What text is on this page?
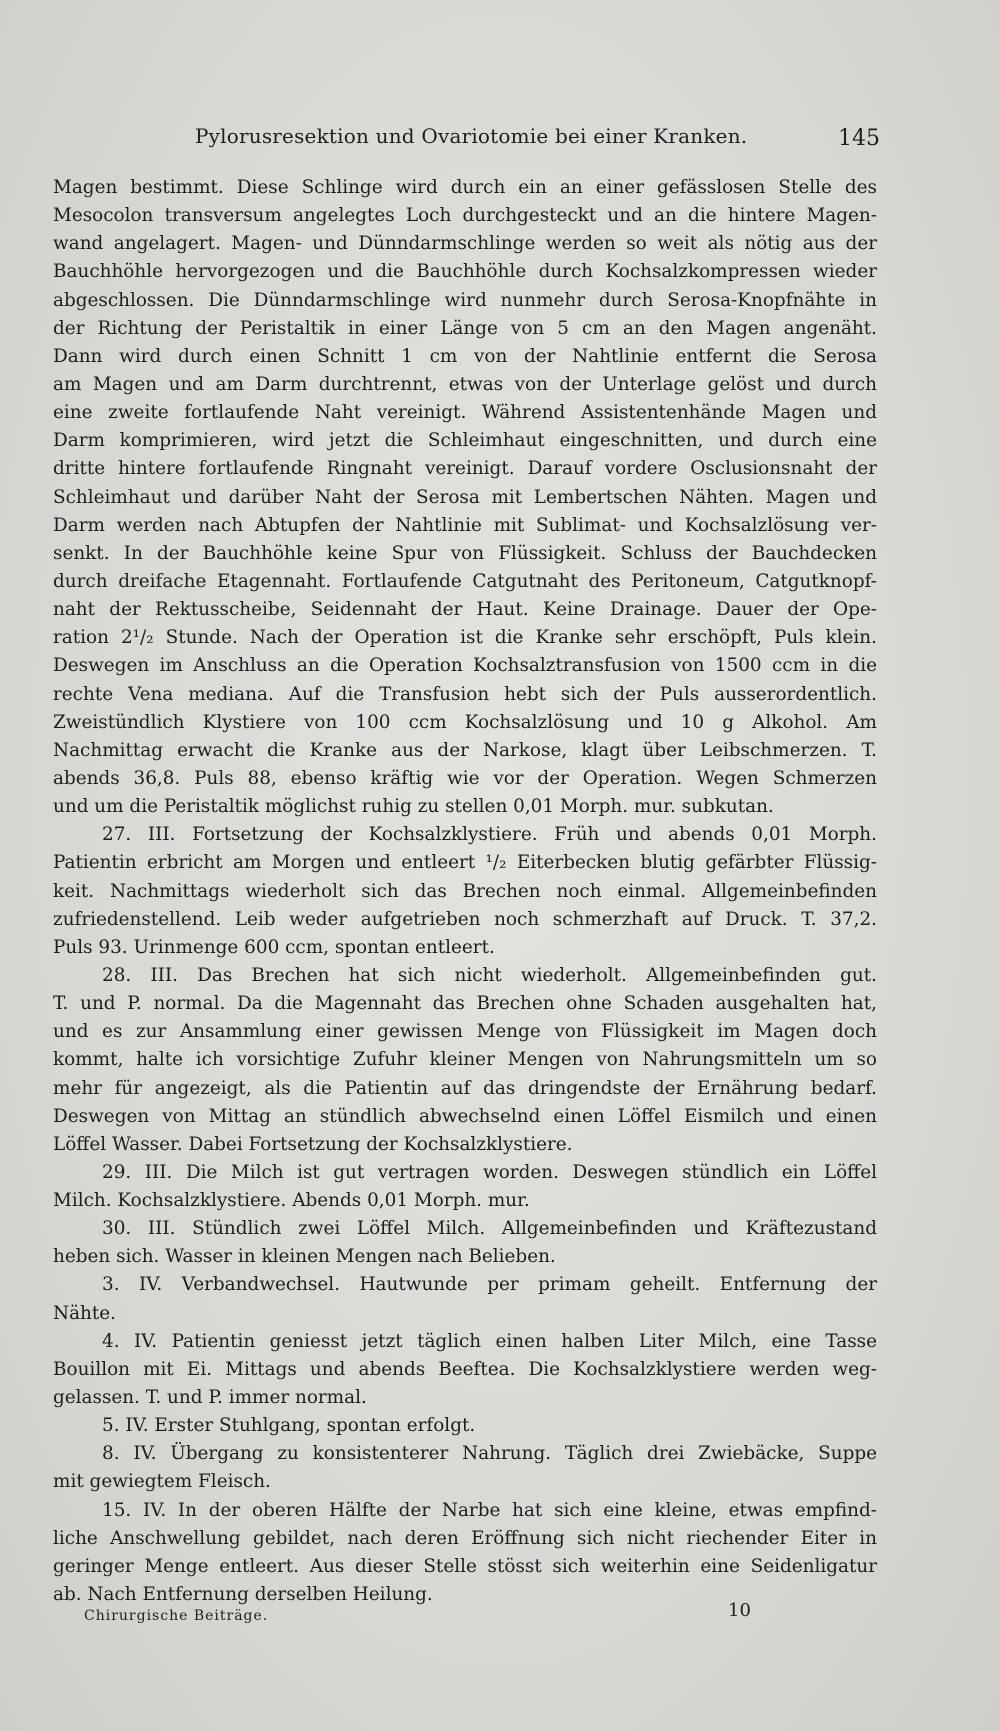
Pylorusresektion und Ovariotomie bei einer Kranken.	145
Magen bestimmt. Diese Schlinge wird durch ein an einer gefässlosen Stelle des
Mesocolon transversum angelegtes Loch durchgesteckt und an die hintere Magen-
wand angelagert. Magen- und Dünndarmschlinge werden so weit als nötig aus der
Bauchhöhle hervorgezogen und die Bauchhöhle durch Kochsalzkompressen wieder
abgeschlossen. Die Dünndarmschlinge wird nunmehr durch Serosa-Knopfnähte in
der Richtung der Peristaltik in einer Länge von 5 cm an den Magen angenäht.
Dann wird durch einen Schnitt 1 cm von der Nahtlinie entfernt die Serosa
am Magen und am Darm durchtrennt, etwas von der Unterlage gelöst und durch
eine zweite fortlaufende Naht vereinigt. Während Assistentenhände Magen und
Darm komprimieren, wird jetzt die Schleimhaut eingeschnitten, und durch eine
dritte hintere fortlaufende Ringnaht vereinigt. Darauf vordere Osclusionsnaht der
Schleimhaut und darüber Naht der Serosa mit Lembertschen Nähten. Magen und
Darm werden nach Abtupfen der Nahtlinie mit Sublimat- und Kochsalzlösung ver-
senkt. In der Bauchhöhle keine Spur von Flüssigkeit. Schluss der Bauchdecken
durch dreifache Etagennaht. Fortlaufende Catgutnaht des Peritoneum, Catgutknopf-
naht der Rektusscheibe, Seidennaht der Haut. Keine Drainage. Dauer der Ope-
ration 2¹/₂ Stunde. Nach der Operation ist die Kranke sehr erschöpft, Puls klein.
Deswegen im Anschluss an die Operation Kochsalztransfusion von 1500 ccm in die
rechte Vena mediana. Auf die Transfusion hebt sich der Puls ausserordentlich.
Zweistündlich Klystiere von 100 ccm Kochsalzlösung und 10 g Alkohol. Am
Nachmittag erwacht die Kranke aus der Narkose, klagt über Leibschmerzen. T.
abends 36,8. Puls 88, ebenso kräftig wie vor der Operation. Wegen Schmerzen
und um die Peristaltik möglichst ruhig zu stellen 0,01 Morph. mur. subkutan.
27. III. Fortsetzung der Kochsalzklystiere. Früh und abends 0,01 Morph.
Patientin erbricht am Morgen und entleert ¹/₂ Eiterbecken blutig gefärbter Flüssig-
keit. Nachmittags wiederholt sich das Brechen noch einmal. Allgemeinbefinden
zufriedenstellend. Leib weder aufgetrieben noch schmerzhaft auf Druck. T. 37,2.
Puls 93. Urinmenge 600 ccm, spontan entleert.
28. III. Das Brechen hat sich nicht wiederholt. Allgemeinbefinden gut.
T. und P. normal. Da die Magennaht das Brechen ohne Schaden ausgehalten hat,
und es zur Ansammlung einer gewissen Menge von Flüssigkeit im Magen doch
kommt, halte ich vorsichtige Zufuhr kleiner Mengen von Nahrungsmitteln um so
mehr für angezeigt, als die Patientin auf das dringendste der Ernährung bedarf.
Deswegen von Mittag an stündlich abwechselnd einen Löffel Eismilch und einen
Löffel Wasser. Dabei Fortsetzung der Kochsalzklystiere.
29. III. Die Milch ist gut vertragen worden. Deswegen stündlich ein Löffel
Milch. Kochsalzklystiere. Abends 0,01 Morph. mur.
30. III. Stündlich zwei Löffel Milch. Allgemeinbefinden und Kräftezustand
heben sich. Wasser in kleinen Mengen nach Belieben.
3. IV. Verbandwechsel. Hautwunde per primam geheilt. Entfernung der
Nähte.
4. IV. Patientin geniesst jetzt täglich einen halben Liter Milch, eine Tasse
Bouillon mit Ei. Mittags und abends Beeftea. Die Kochsalzklystiere werden weg-
gelassen. T. und P. immer normal.
5. IV. Erster Stuhlgang, spontan erfolgt.
8. IV. Übergang zu konsistenterer Nahrung. Täglich drei Zwiebäcke, Suppe
mit gewiegtem Fleisch.
15. IV. In der oberen Hälfte der Narbe hat sich eine kleine, etwas empfind-
liche Anschwellung gebildet, nach deren Eröffnung sich nicht riechender Eiter in
geringer Menge entleert. Aus dieser Stelle stösst sich weiterhin eine Seidenligatur
ab. Nach Entfernung derselben Heilung.
Chirurgische Beiträge.	10
